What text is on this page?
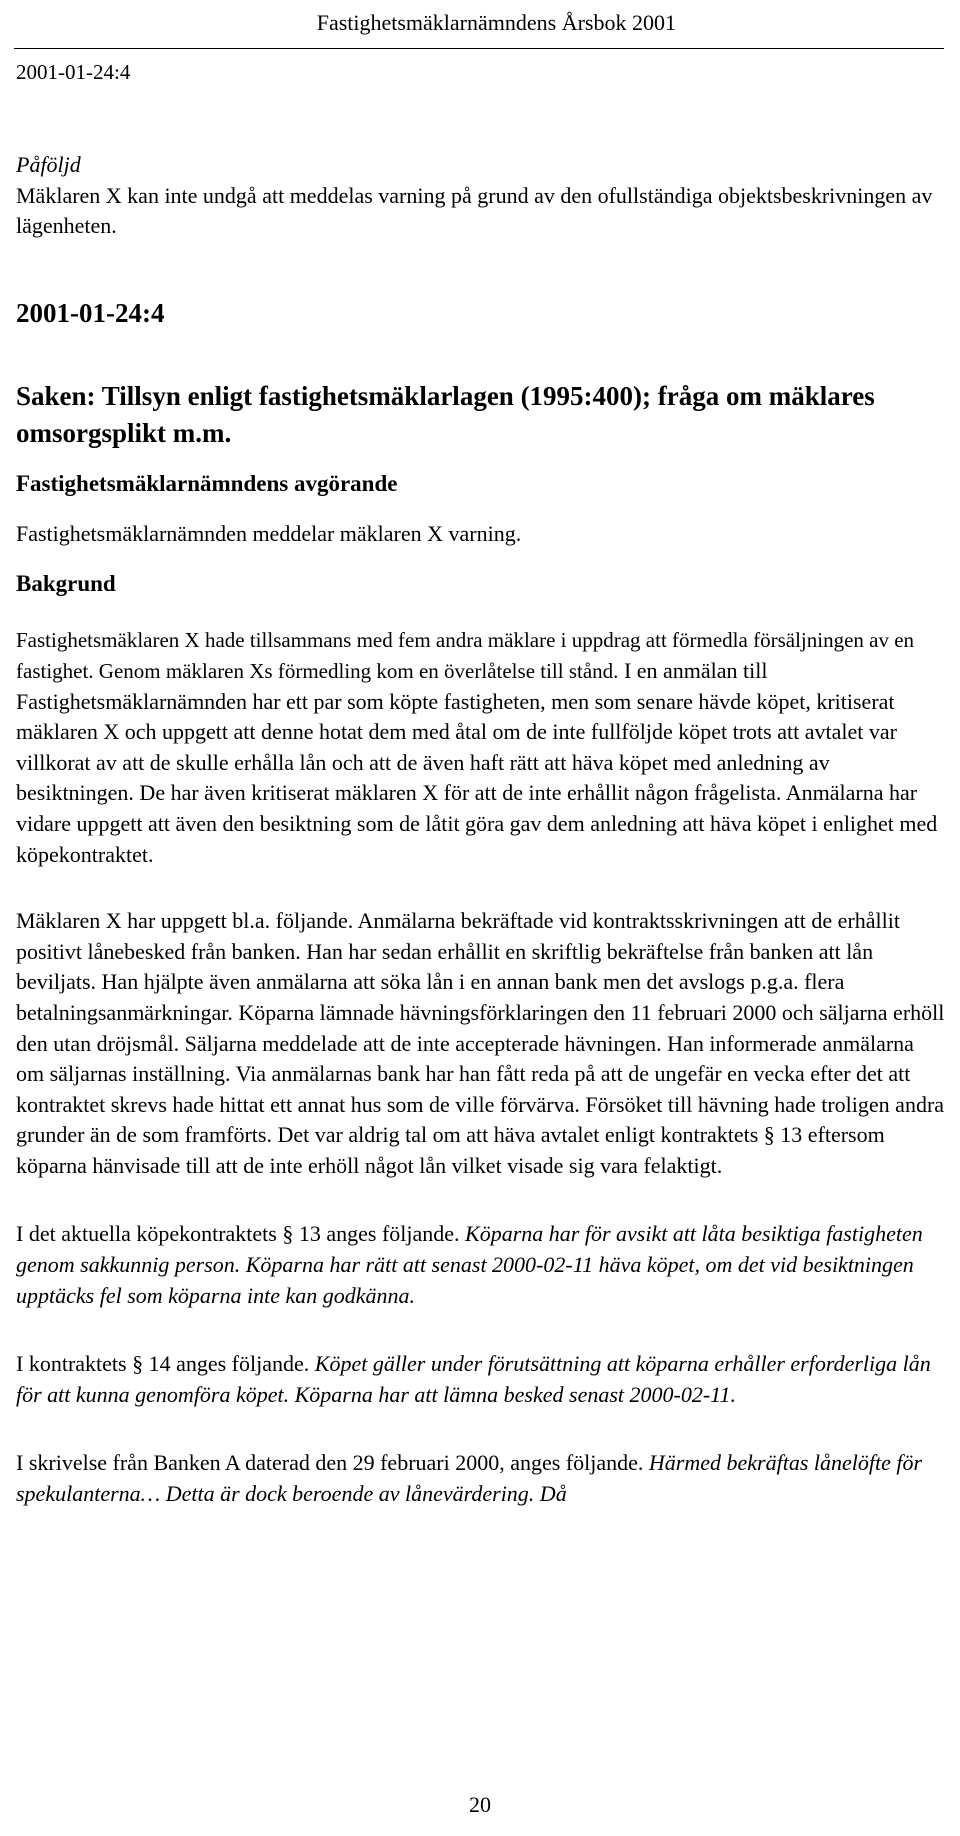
Fastighetsmäklarnämndens Årsbok 2001
2001-01-24:4

Påföljd

Mäklaren X kan inte undgå att meddelas varning på grund av den ofullständiga objektsbeskrivningen av lägenheten.

2001-01-24:4

Saken: Tillsyn enligt fastighetsmäklarlagen (1995:400); fråga om mäklares omsorgsplikt m.m.

Fastighetsmäklarnämndens avgörande

Fastighetsmäklarnämnden meddelar mäklaren X varning.

Bakgrund

Fastighetsmäklaren X hade tillsammans med fem andra mäklare i uppdrag att förmedla försäljningen av en fastighet. Genom mäklaren Xs förmedling kom en överlåtelse till stånd. I en anmälan till Fastighetsmäklarnämnden har ett par som köpte fastigheten, men som senare hävde köpet, kritiserat mäklaren X och uppgett att denne hotat dem med åtal om de inte fullföljde köpet trots att avtalet var villkorat av att de skulle erhålla lån och att de även haft rätt att häva köpet med anledning av besiktningen. De har även kritiserat mäklaren X för att de inte erhållit någon frågelista. Anmälarna har vidare uppgett att även den besiktning som de låtit göra gav dem anledning att häva köpet i enlighet med köpekontraktet.

Mäklaren X har uppgett bl.a. följande. Anmälarna bekräftade vid kontraktsskrivningen att de erhållit positivt lånebesked från banken. Han har sedan erhållit en skriftlig bekräftelse från banken att lån beviljats. Han hjälpte även anmälarna att söka lån i en annan bank men det avslogs p.g.a. flera betalningsanmärkningar. Köparna lämnade hävningsförklaringen den 11 februari 2000 och säljarna erhöll den utan dröjsmål. Säljarna meddelade att de inte accepterade hävningen. Han informerade anmälarna om säljarnas inställning. Via anmälarnas bank har han fått reda på att de ungefär en vecka efter det att kontraktet skrevs hade hittat ett annat hus som de ville förvärva. Försöket till hävning hade troligen andra grunder än de som framförts. Det var aldrig tal om att häva avtalet enligt kontraktets § 13 eftersom köparna hänvisade till att de inte erhöll något lån vilket visade sig vara felaktigt.

I det aktuella köpekontraktets § 13 anges följande. Köparna har för avsikt att låta besiktiga fastigheten genom sakkunnig person. Köparna har rätt att senast 2000-02-11 häva köpet, om det vid besiktningen upptäcks fel som köparna inte kan godkänna.

I kontraktets § 14 anges följande. Köpet gäller under förutsättning att köparna erhåller erforderliga lån för att kunna genomföra köpet. Köparna har att lämna besked senast 2000-02-11.

I skrivelse från Banken A daterad den 29 februari 2000, anges följande. Härmed bekräftas lånelöfte för spekulanterna… Detta är dock beroende av lånevärdering. Då

20
